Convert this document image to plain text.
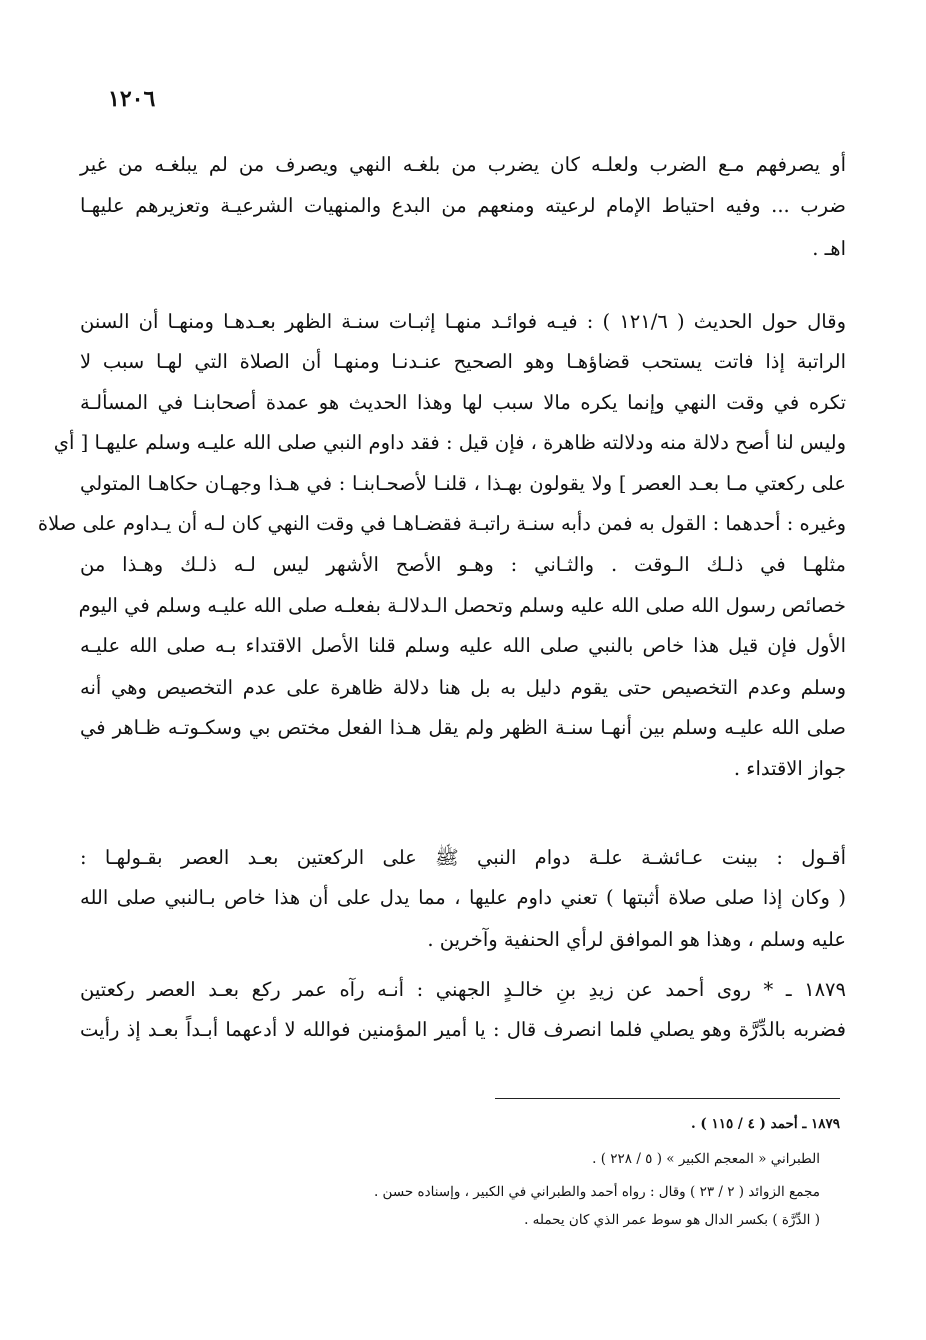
١٢٠٦
أو يصرفهم مـع الضرب ولعلـه كان يضرب من بلغـه النهي ويصرف من لم يبلغـه من غير
ضرب ... وفيه احتياط الإمام لرعيته ومنعهم من البدع والمنهيات الشرعيـة وتعزيرهم عليهـا
اهـ .
وقال حول الحديث ( ١٢١/٦ ) : فيـه فوائـد منهـا إثبـات سنـة الظهر بعـدهـا ومنهـا أن السنن
الراتبة إذا فاتت يستحب قضاؤهـا وهو الصحيح عنـدنـا ومنهـا أن الصلاة التي لهـا سبب لا
تكره في وقت النهي وإنما يكره مالا سبب لها وهذا الحديث هو عمدة أصحابنـا في المسألـة
وليس لنا أصح دلالة منه ودلالته ظاهرة ، فإن قيل : فقد داوم النبي صلى الله عليـه وسلم عليهـا [ أي
على ركعتي مـا بعـد العصر ] ولا يقولون بهـذا ، قلنـا لأصحـابنـا : في هـذا وجهـان حكاهـا المتولي
وغيره : أحدهما : القول به فمن دأبه سنـة راتبـة فقضـاهـا في وقت النهي كان لـه أن يـداوم على صلاة
مثلهـا في ذلـك الـوقت . والثـاني : وهـو الأصح الأشهر ليس لـه ذلـك وهـذا من
خصائص رسول الله صلى الله عليه وسلم وتحصل الـدلالـة بفعلـه صلى الله عليـه وسلم في اليوم
الأول فإن قيل هذا خاص بالنبي صلى الله عليه وسلم قلنا الأصل الاقتداء بـه صلى الله عليـه
وسلم وعدم التخصيص حتى يقوم دليل به بل هنا دلالة ظاهرة على عدم التخصيص وهي أنه
صلى الله عليـه وسلم بين أنهـا سنـة الظهر ولم يقل هـذا الفعل مختص بي وسكـوتـه ظـاهر في
جواز الاقتداء .
أقـول : بينت عـائشـة علـة دوام النبي ﷺ على الركعتين بعـد العصر بقـولهـا :
( وكان إذا صلى صلاة أثبتها ) تعني داوم عليها ، مما يدل على أن هذا خاص بـالنبي صلى الله
عليه وسلم ، وهذا هو الموافق لرأي الحنفية وآخرين .
١٨٧٩ ـ * روى أحمد عن زيدِ بنِ خالـدٍ الجهني : أنـه رآه عمر ركع بعـد العصر ركعتين
فضربه بالدِّرَّة وهو يصلي فلما انصرف قال : يا أمير المؤمنين فوالله لا أدعهما أبـداً بعـد إذ رأيت
١٨٧٩ ـ أحمد ( ٤ / ١١٥ ) .
الطبراني « المعجم الكبير » ( ٥ / ٢٢٨ ) .
مجمع الزوائد ( ٢ / ٢٣ ) وقال : رواه أحمد والطبراني في الكبير ، وإسناده حسن .
( الدِّرَّة ) بكسر الدال هو سوط عمر الذي كان يحمله .
